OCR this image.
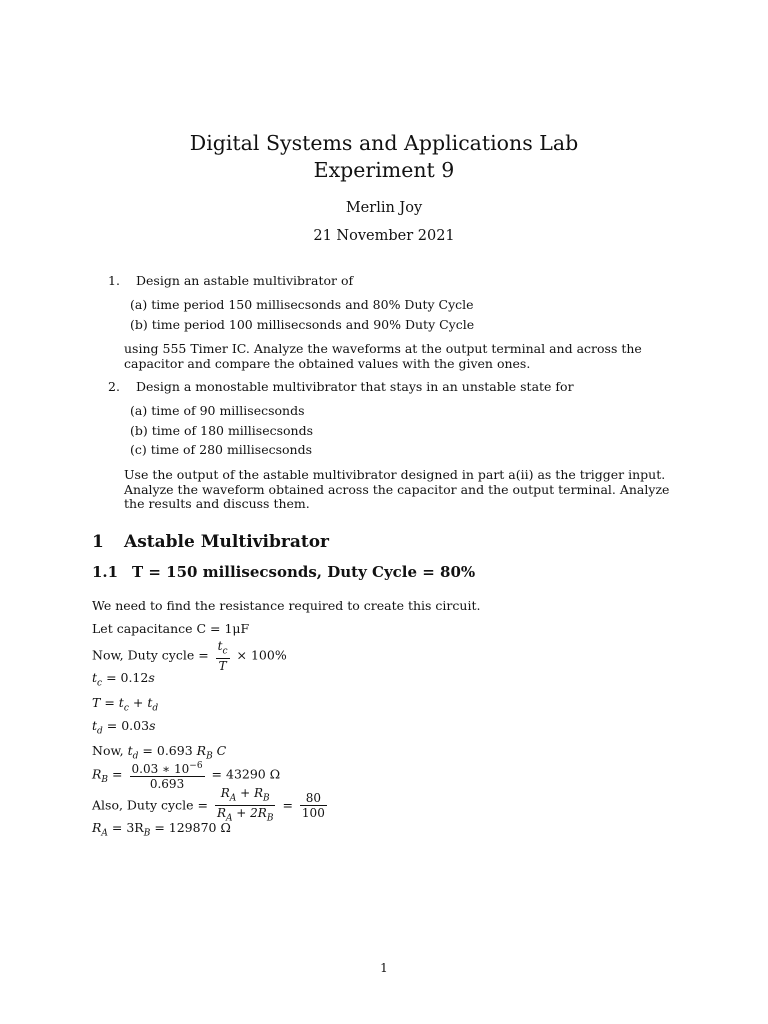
Digital Systems and Applications Lab
Experiment 9
Merlin Joy
21 November 2021
1. Design an astable multivibrator of
(a) time period 150 millisecsonds and 80% Duty Cycle
(b) time period 100 millisecsonds and 90% Duty Cycle
using 555 Timer IC. Analyze the waveforms at the output terminal and across the capacitor and compare the obtained values with the given ones.
2. Design a monostable multivibrator that stays in an unstable state for
(a) time of 90 millisecsonds
(b) time of 180 millisecsonds
(c) time of 280 millisecsonds
Use the output of the astable multivibrator designed in part a(ii) as the trigger input. Analyze the waveform obtained across the capacitor and the output terminal. Analyze the results and discuss them.
1 Astable Multivibrator
1.1 T = 150 millisecsonds, Duty Cycle = 80%
We need to find the resistance required to create this circuit.
Let capacitance C = 1μF
Now, Duty cycle = $\frac{t_c}{T} \times 100\%$
$t_c = 0.12s$
$T = t_c + t_d$
$t_d = 0.03s$
Now, $t_d = 0.693$ $R_B$ C
$R_B = \frac{0.03 ∗ 10^{-6}}{0.693} = 43290$ Ω
Also, Duty cycle = $\frac{R_A + R_B}{R_A + 2R_B} = \frac{80}{100}$
$R_A = 3R_B = 129870$ Ω
1
